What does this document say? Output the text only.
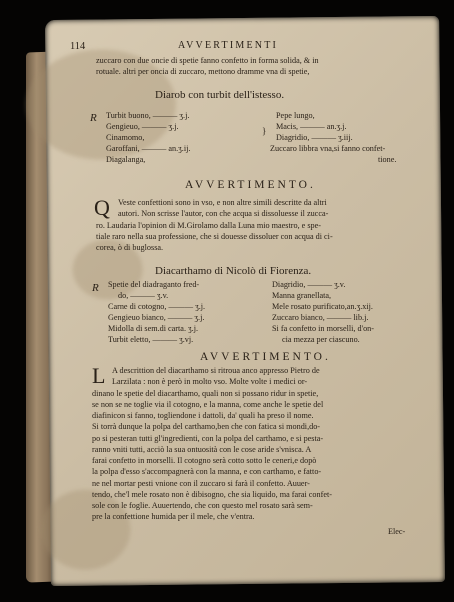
114	AVVERTIMENTI
zuccaro con due oncie di spetie fanno confetto in forma solida, & in
rotuale. altri per oncia di zuccaro, mettono dramme vna di spetie,
Diarob con turbit dell'istesso.
R Turbit buono, ——— ʒ.j.
Gengieuo, ——— ʒ.j.
Cinamomo,
Garoffani, ——— an.ʒ.ij.
Diagalanga,
}
Pepe lungo,
Macis, ——— an.ʒ.j.
Diagridio, ——— ʒ.iij.
Zuccaro libbra vna,si fanno confet-
tione.
AVVERTIMENTO.
Q Veste confettioni sono in vso, e non altre simili descritte da altri
autori. Non scrisse l'autor, con che acqua si dissoluesse il zucca-
ro. Laudaria l'opinion di M.Girolamo dalla Luna mio maestro, e spe-
tiale raro nella sua professione, che si douesse dissoluer con acqua di ci-
corea, ò di buglossa.
Diacarthamo di Nicolò di Fiorenza.
R Spetie del diadraganto fred-
do, ——— ʒ.v.
Carne di cotogno, ——— ʒ.j.
Gengieuo bianco, ——— ʒ.j.
Midolla di sem.di carta. ʒ.j.
Turbit eletto, ——— ʒ.vj.
Diagridio, ——— ʒ.v.
Manna granellata,
Mele rosato purificato,an.ʒ.xij.
Zuccaro bianco, ——— lib.j.
Si fa confetto in morselli, d'on-
cia mezza per ciascuno.
AVVERTIMENTO.
L A descrittion del diacarthamo si ritroua anco appresso Pietro de
Larzilata : non è però in molto vso. Molte volte i medici or-
dinano le spetie del diacarthamo, quali non si possano ridur in spetie,
se non se ne toglie via il cotogno, e la manna, come anche le spetie del
diafinicon si fanno, togliendone i dattoli, da' quali ha preso il nome.
Si torrà dunque la polpa del carthamo,ben che con fatica si mondi,do-
po si pesteran tutti gl'ingredienti, con la polpa del carthamo, e si pesta-
ranno vniti tutti, acciò la sua ontuosità con le cose aride s'vnisca. A
farai confetto in morselli. Il cotogno serà cotto sotto le ceneri,e dopò
la polpa d'esso s'accompagnerà con la manna, e con carthamo, e fatto-
ne nel mortar pesti vnione con il zuccaro si farà il confetto. Auuer-
tendo, che'l mele rosato non è dibisogno, che sia liquido, ma farai confet-
sole con le foglie. Auuertendo, che con questo mel rosato sarà sem-
pre la confettione humida per il mele, che v'entra.
Elec-
